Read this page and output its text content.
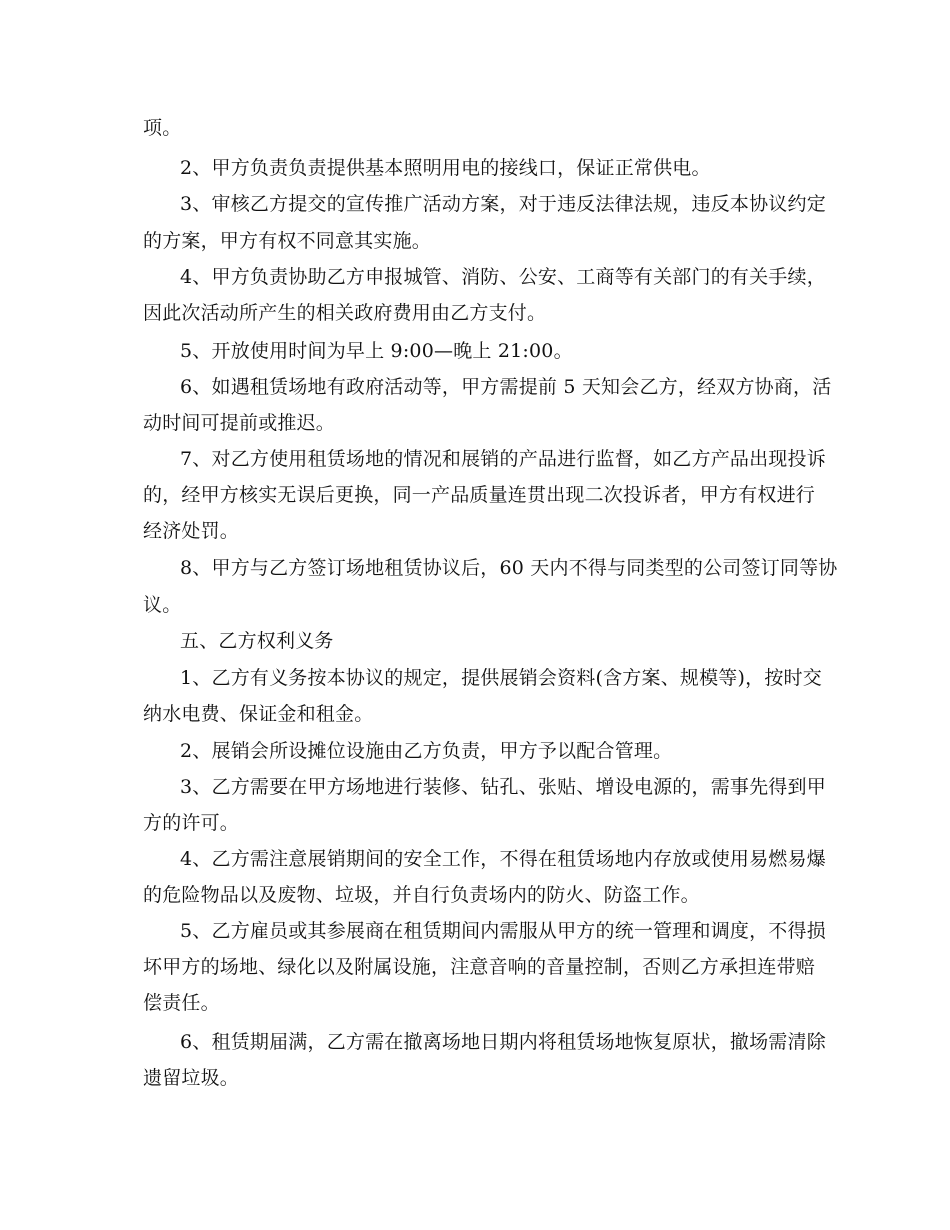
项。
2、甲方负责负责提供基本照明用电的接线口，保证正常供电。
3、审核乙方提交的宣传推广活动方案，对于违反法律法规，违反本协议约定
的方案，甲方有权不同意其实施。
4、甲方负责协助乙方申报城管、消防、公安、工商等有关部门的有关手续，
因此次活动所产生的相关政府费用由乙方支付。
5、开放使用时间为早上 9:00—晚上 21:00。
6、如遇租赁场地有政府活动等，甲方需提前 5 天知会乙方，经双方协商，活
动时间可提前或推迟。
7、对乙方使用租赁场地的情况和展销的产品进行监督，如乙方产品出现投诉
的，经甲方核实无误后更换，同一产品质量连贯出现二次投诉者，甲方有权进行
经济处罚。
8、甲方与乙方签订场地租赁协议后，60 天内不得与同类型的公司签订同等协
议。
五、乙方权利义务
1、乙方有义务按本协议的规定，提供展销会资料(含方案、规模等)，按时交
纳水电费、保证金和租金。
2、展销会所设摊位设施由乙方负责，甲方予以配合管理。
3、乙方需要在甲方场地进行装修、钻孔、张贴、增设电源的，需事先得到甲
方的许可。
4、乙方需注意展销期间的安全工作，不得在租赁场地内存放或使用易燃易爆
的危险物品以及废物、垃圾，并自行负责场内的防火、防盗工作。
5、乙方雇员或其参展商在租赁期间内需服从甲方的统一管理和调度，不得损
坏甲方的场地、绿化以及附属设施，注意音响的音量控制，否则乙方承担连带赔
偿责任。
6、租赁期届满，乙方需在撤离场地日期内将租赁场地恢复原状，撤场需清除
遗留垃圾。
